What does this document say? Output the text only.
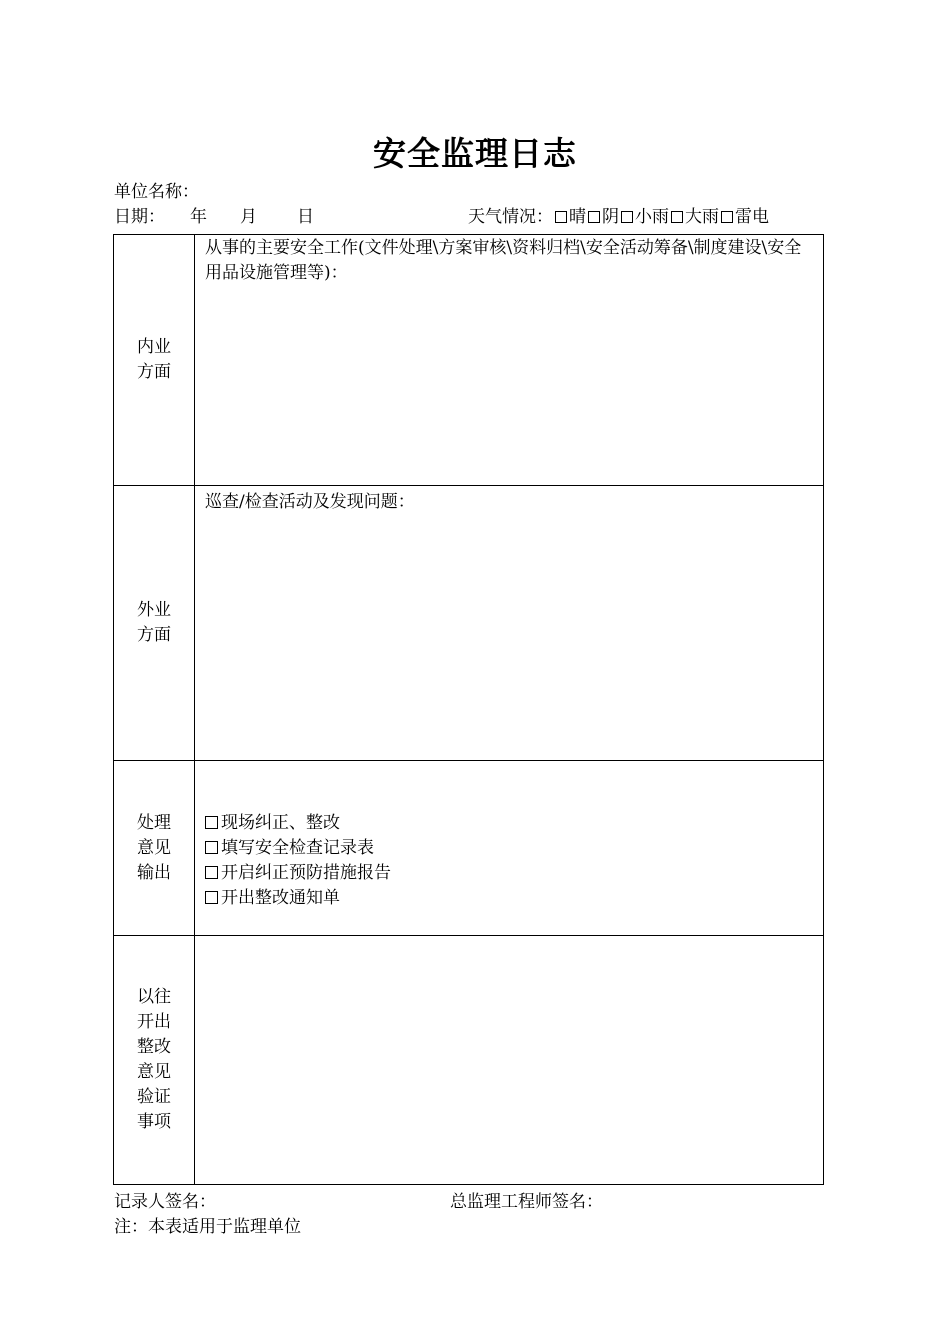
安全监理日志
单位名称：
日期： 年 月 日	天气情况： 晴 阴 小雨 大雨 雷电
内业方面	从事的主要安全工作(文件处理\方案审核\资料归档\安全活动筹备\制度建设\安全用品设施管理等)：

外业方面	巡查/检查活动及发现问题：

处理意见输出	现场纠正、整改
填写安全检查记录表
开启纠正预防措施报告
开出整改通知单

以往开出整改意见验证事项	
记录人签名：	总监理工程师签名：
注：本表适用于监理单位
